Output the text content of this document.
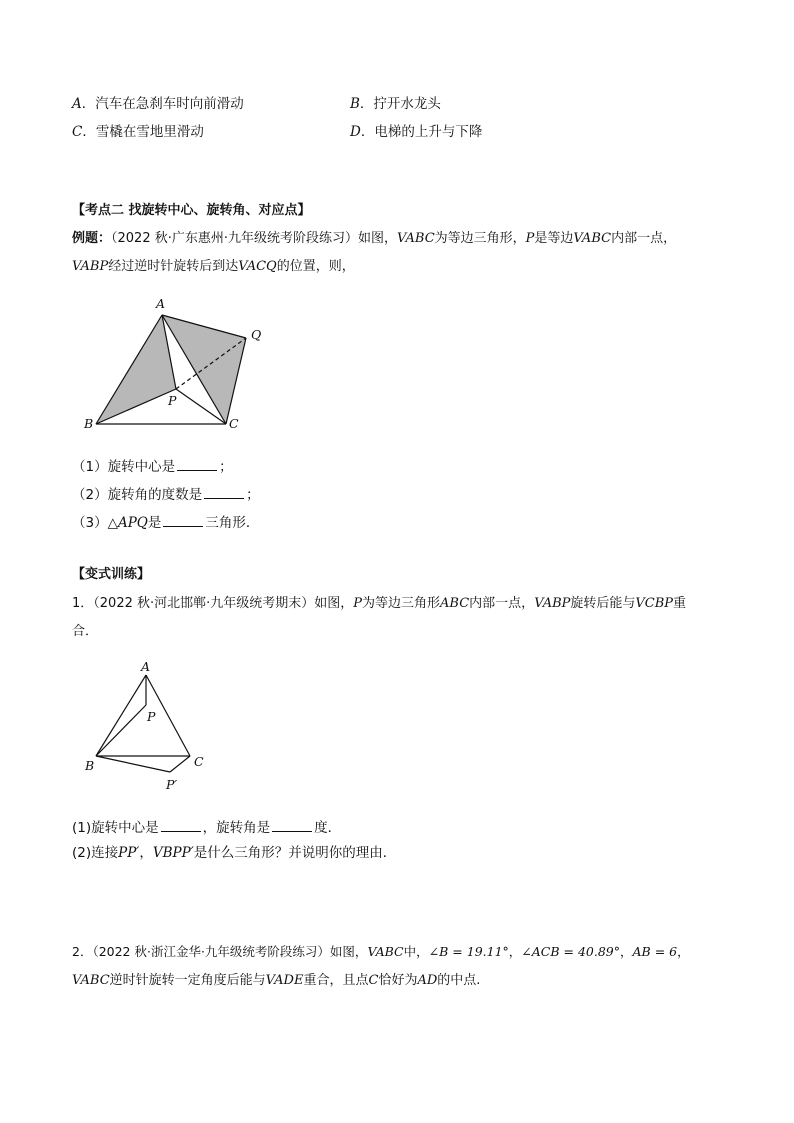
A．汽车在急刹车时向前滑动	B．拧开水龙头
C．雪橇在雪地里滑动	D．电梯的上升与下降
【考点二 找旋转中心、旋转角、对应点】
例题：（2022 秋·广东惠州·九年级统考阶段练习）如图，VABC为等边三角形，P是等边VABC内部一点，
VABP经过逆时针旋转后到达VACQ的位置，则，
A
Q
P
B	C
（1）旋转中心是	；
（2）旋转角的度数是	；
（3）△APQ是	三角形．
【变式训练】
1．（2022 秋·河北邯郸·九年级统考期末）如图，P为等边三角形ABC内部一点，VABP旋转后能与VCBP重
合．
A
P
B	C
P′
(1)旋转中心是	，旋转角是	度．
(2)连接PP′，VBPP′是什么三角形？并说明你的理由．
2．（2022 秋·浙江金华·九年级统考阶段练习）如图，VABC中，∠B = 19.11°，∠ACB = 40.89°，AB = 6，
VABC逆时针旋转一定角度后能与VADE重合，且点C恰好为AD的中点.
